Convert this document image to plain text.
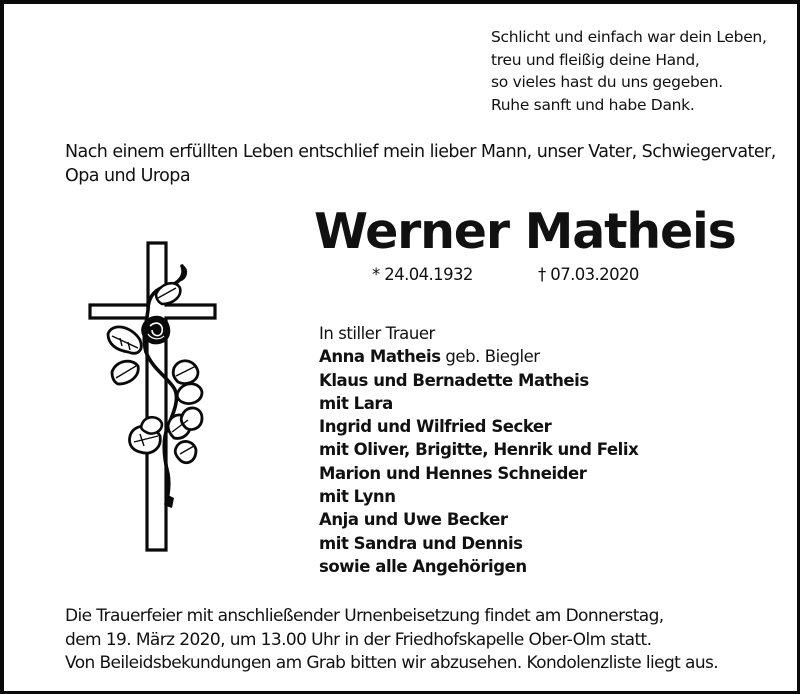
Schlicht und einfach war dein Leben,
treu und fleißig deine Hand,
so vieles hast du uns gegeben.
Ruhe sanft und habe Dank.
Nach einem erfüllten Leben entschlief mein lieber Mann, unser Vater, Schwiegervater,
Opa und Uropa
Werner Matheis
* 24.04.1932	† 07.03.2020
In stiller Trauer
Anna Matheis geb. Biegler
Klaus und Bernadette Matheis
mit Lara
Ingrid und Wilfried Secker
mit Oliver, Brigitte, Henrik und Felix
Marion und Hennes Schneider
mit Lynn
Anja und Uwe Becker
mit Sandra und Dennis
sowie alle Angehörigen
Die Trauerfeier mit anschließender Urnenbeisetzung findet am Donnerstag,
dem 19. März 2020, um 13.00 Uhr in der Friedhofskapelle Ober-Olm statt.
Von Beileidsbekundungen am Grab bitten wir abzusehen. Kondolenzliste liegt aus.
